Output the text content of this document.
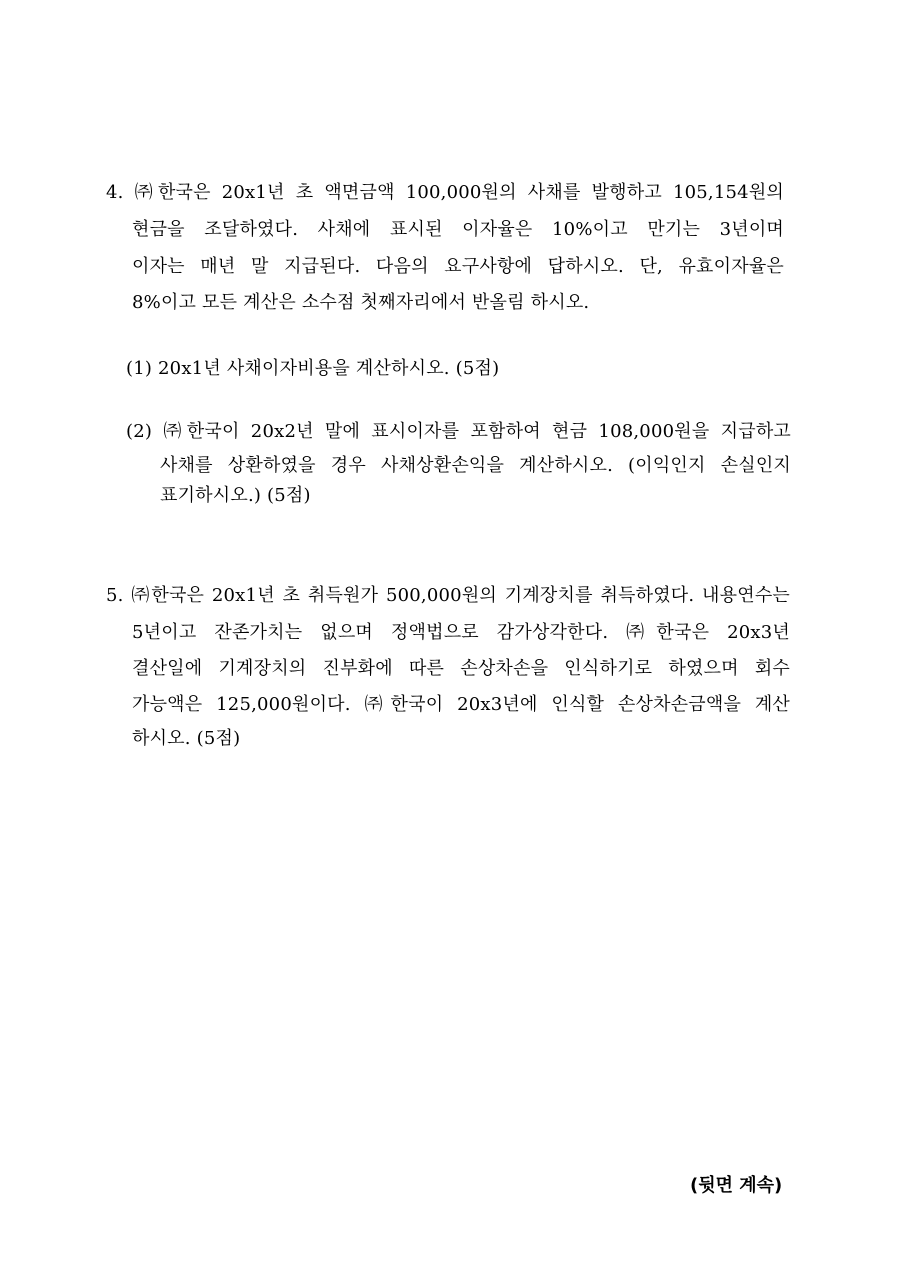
4. ㈜한국은 20x1년 초 액면금액 100,000원의 사채를 발행하고 105,154원의
현금을 조달하였다. 사채에 표시된 이자율은 10%이고 만기는 3년이며
이자는 매년 말 지급된다. 다음의 요구사항에 답하시오. 단, 유효이자율은
8%이고 모든 계산은 소수점 첫째자리에서 반올림 하시오.
(1) 20x1년 사채이자비용을 계산하시오. (5점)
(2) ㈜한국이 20x2년 말에 표시이자를 포함하여 현금 108,000원을 지급하고
사채를 상환하였을 경우 사채상환손익을 계산하시오. (이익인지 손실인지
표기하시오.) (5점)
5. ㈜한국은 20x1년 초 취득원가 500,000원의 기계장치를 취득하였다. 내용연수는
5년이고 잔존가치는 없으며 정액법으로 감가상각한다. ㈜한국은 20x3년
결산일에 기계장치의 진부화에 따른 손상차손을 인식하기로 하였으며 회수
가능액은 125,000원이다. ㈜한국이 20x3년에 인식할 손상차손금액을 계산
하시오. (5점)
(뒷면 계속)
